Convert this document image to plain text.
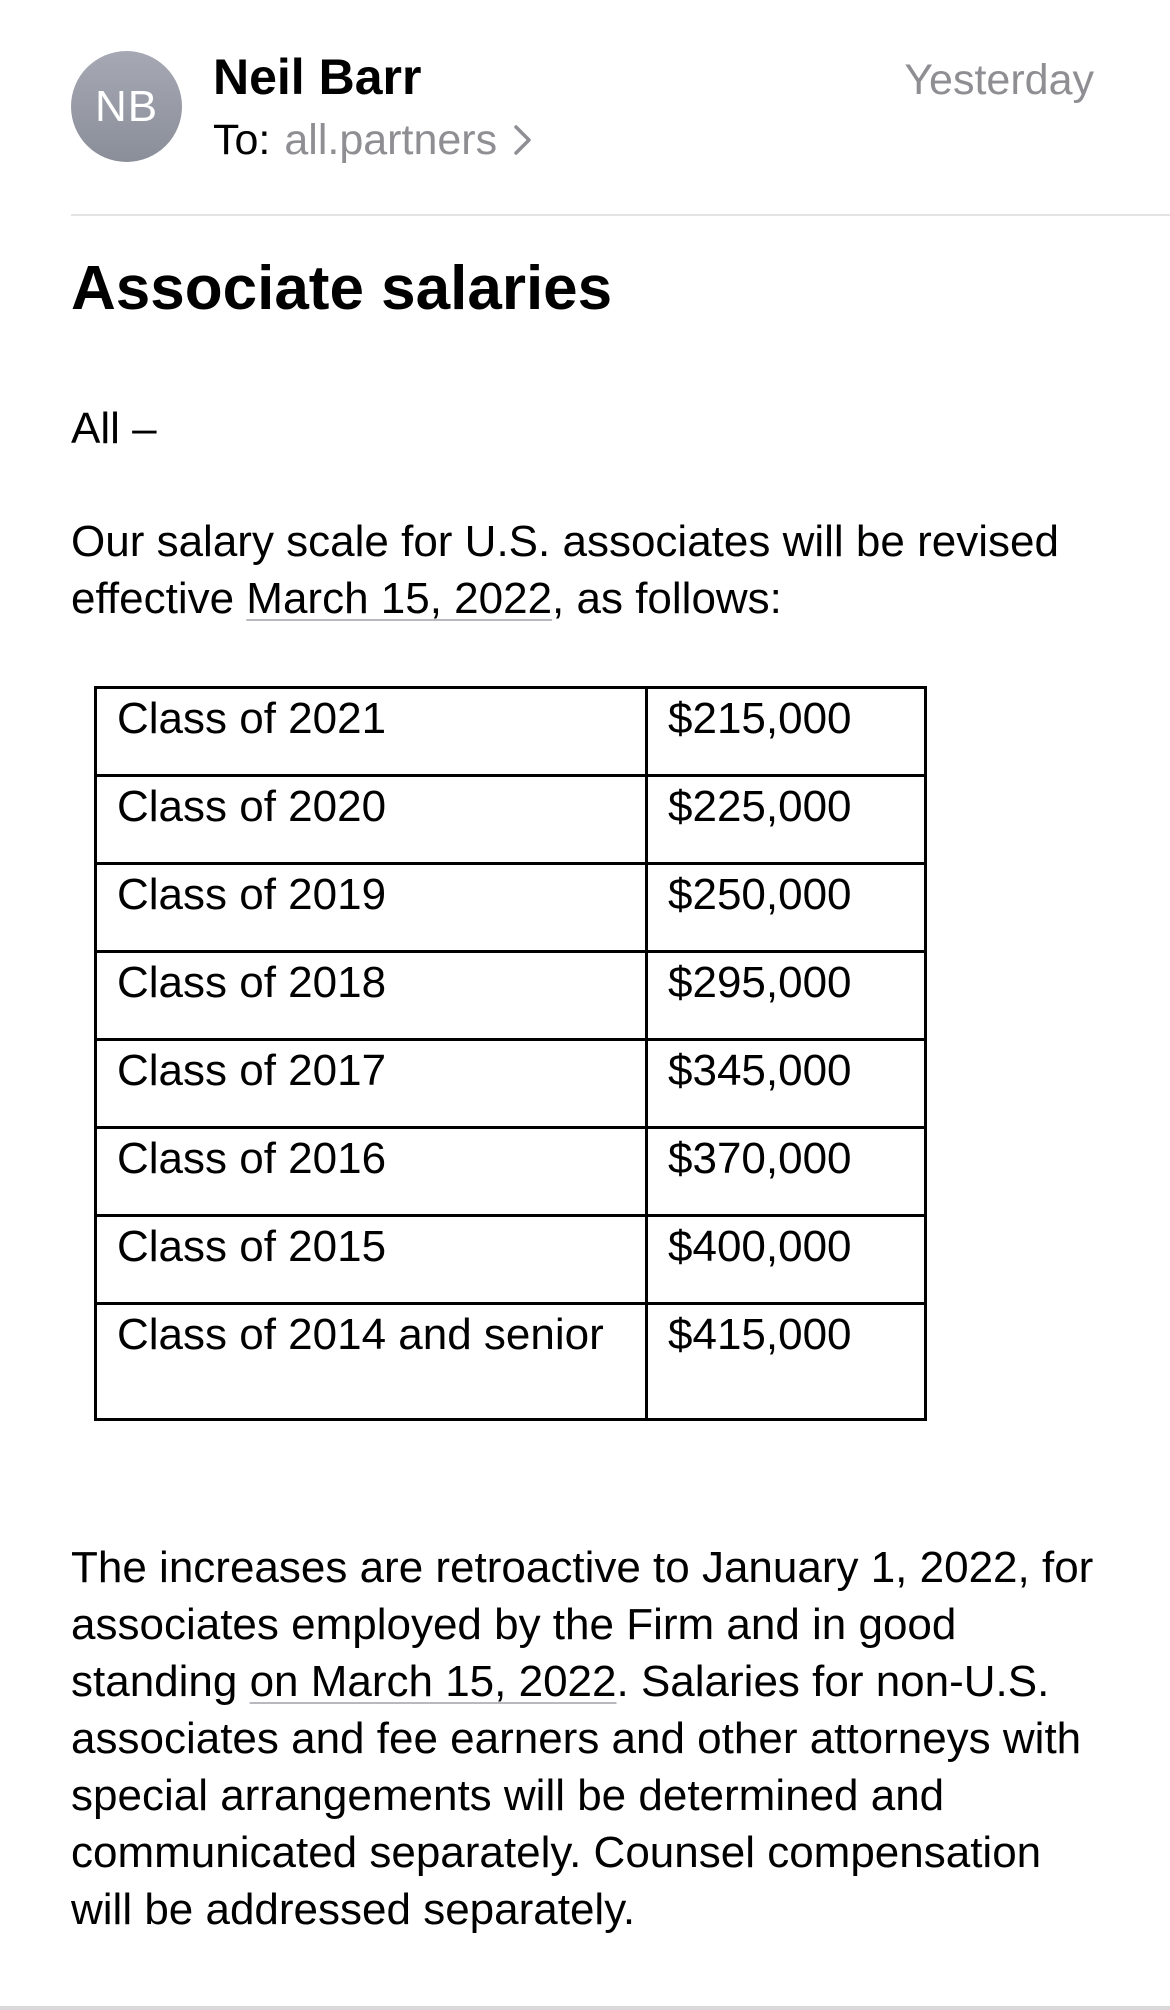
NB
Neil Barr
To: all.partners
Yesterday
Associate salaries
All –
Our salary scale for U.S. associates will be revised effective March 15, 2022, as follows:
Class of 2021	$215,000
Class of 2020	$225,000
Class of 2019	$250,000
Class of 2018	$295,000
Class of 2017	$345,000
Class of 2016	$370,000
Class of 2015	$400,000
Class of 2014 and senior	$415,000
The increases are retroactive to January 1, 2022, for associates employed by the Firm and in good standing on March 15, 2022. Salaries for non-U.S. associates and fee earners and other attorneys with special arrangements will be determined and communicated separately. Counsel compensation will be addressed separately.
